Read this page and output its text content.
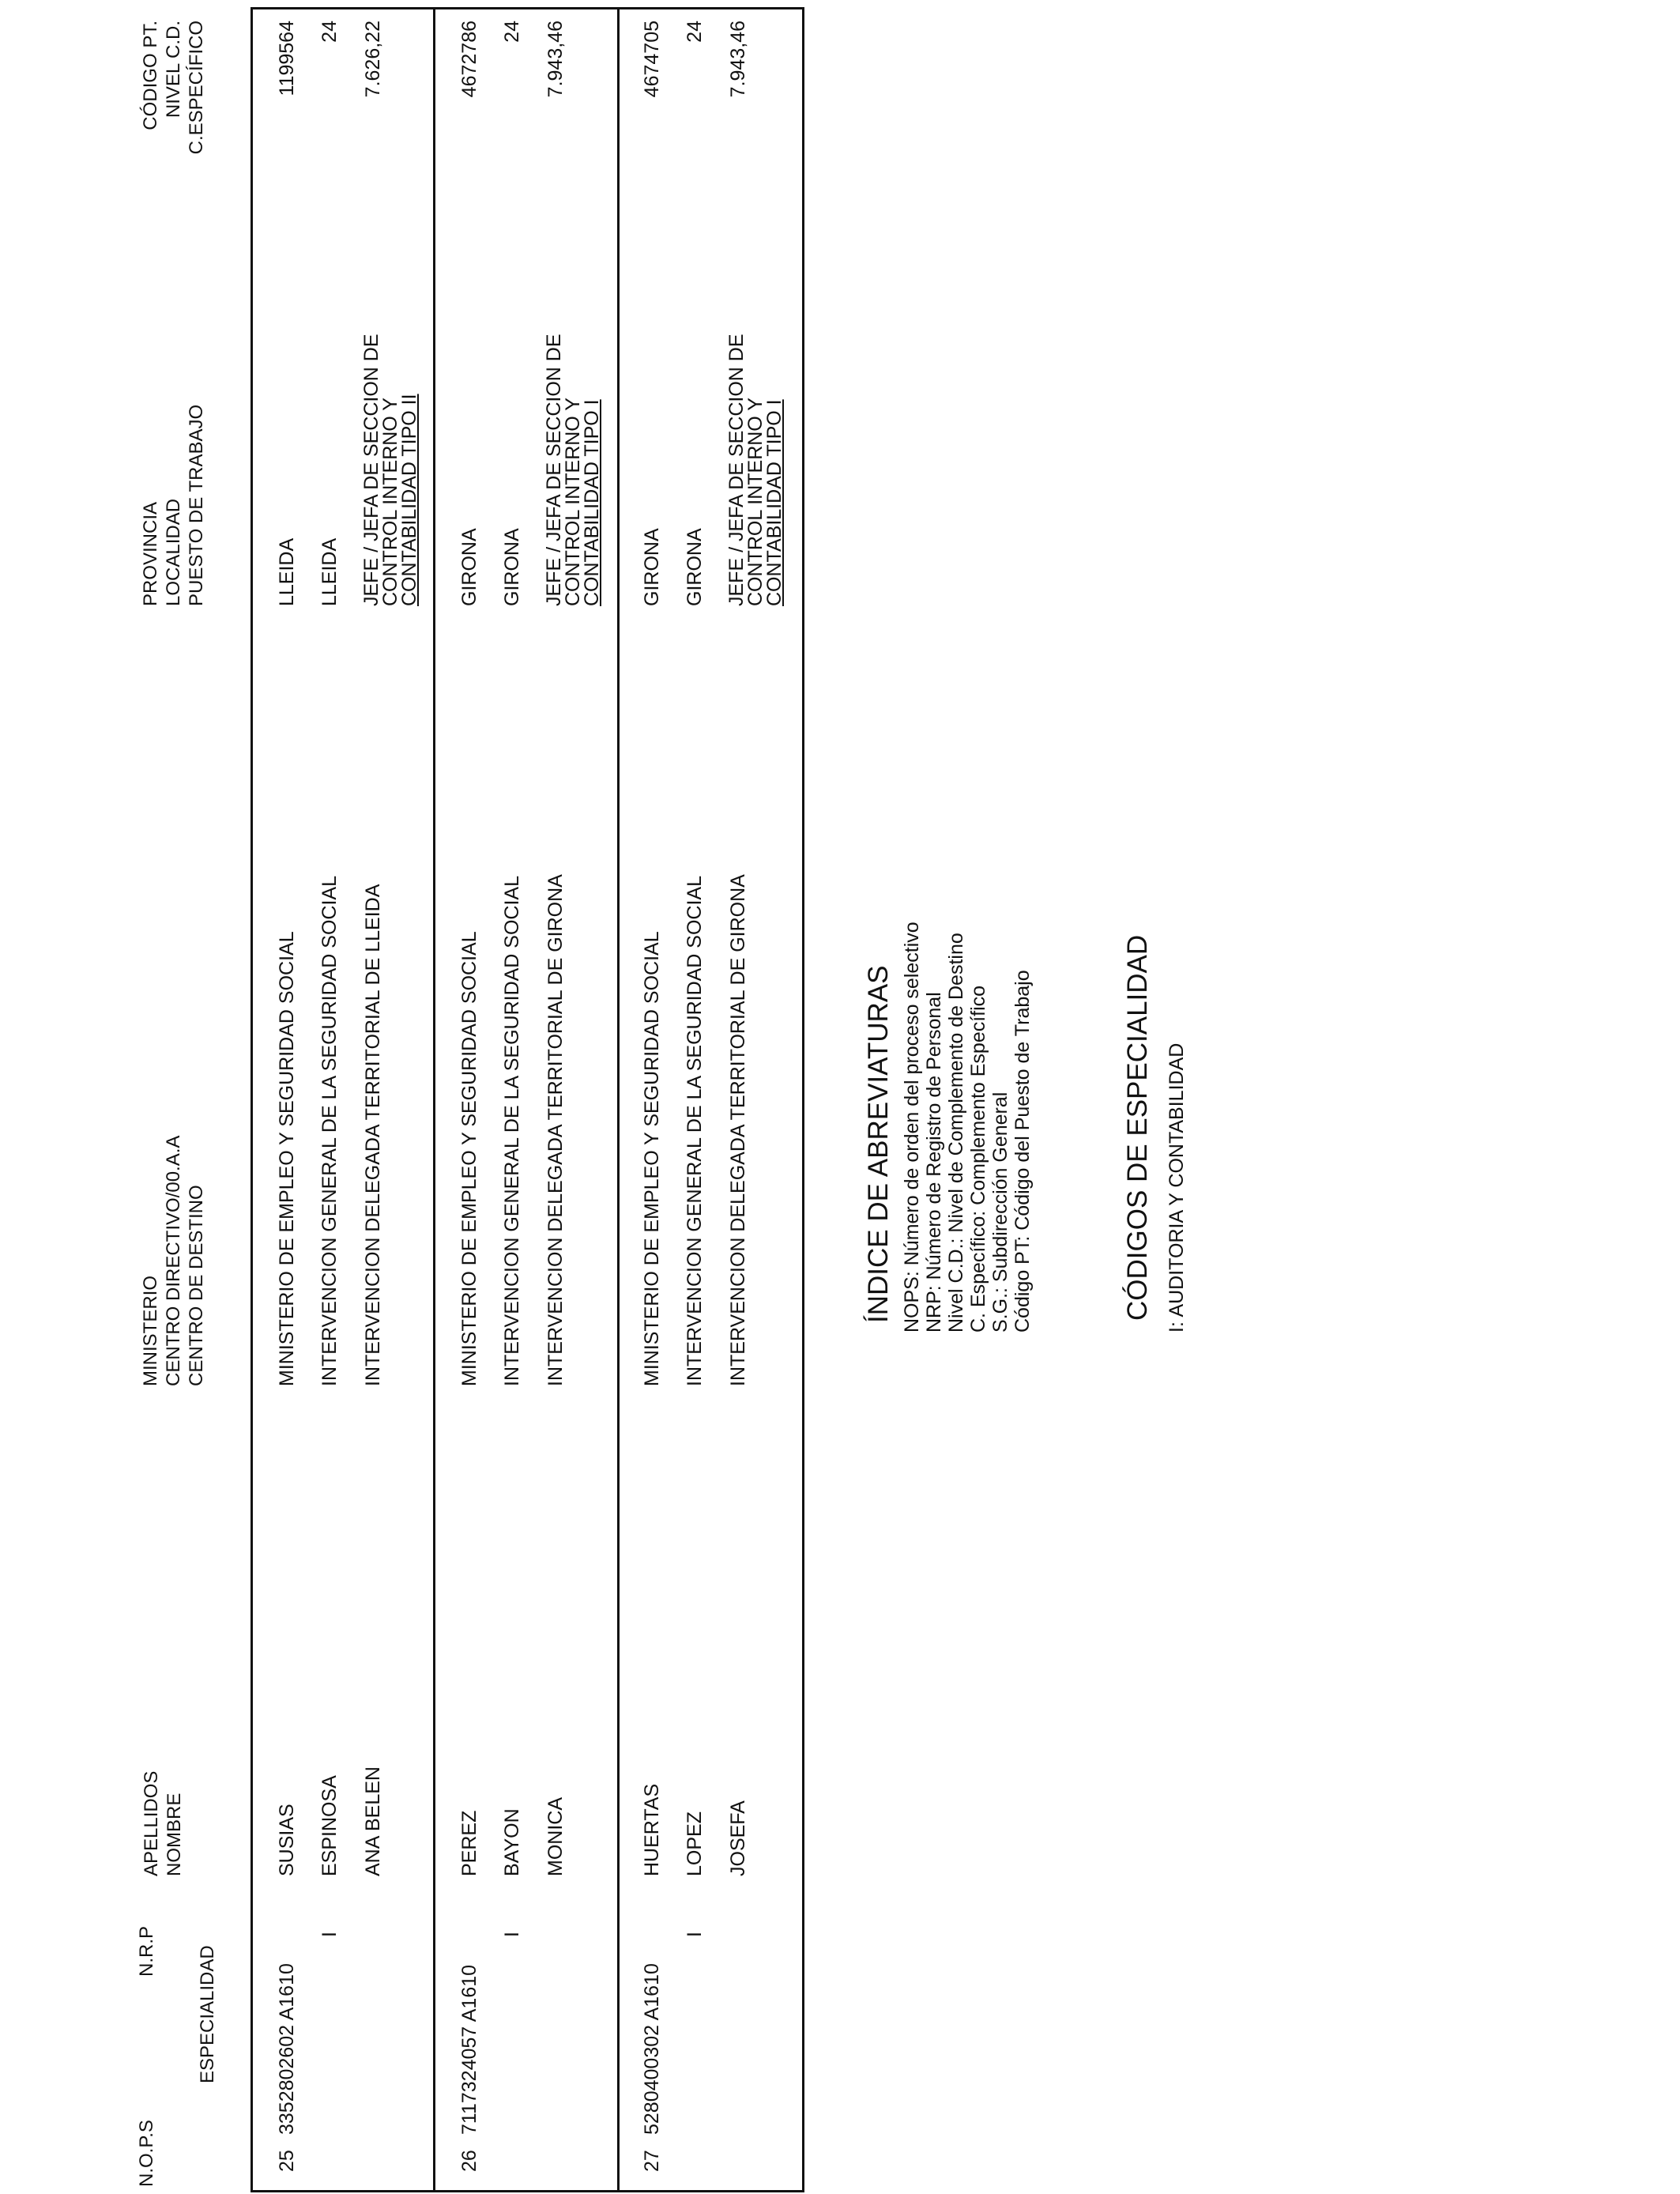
N.O.P.S
N.R.P ESPECIALIDAD
APELLIDOS NOMBRE
MINISTERIO CENTRO DIRECTIVO/00.A.A CENTRO DE DESTINO
PROVINCIA LOCALIDAD PUESTO DE TRABAJO
CÓDIGO PT. NIVEL C.D. C.ESPECÍFICO
25
3352802602 A1610
I
SUSIAS ESPINOSA ANA BELEN
MINISTERIO DE EMPLEO Y SEGURIDAD SOCIAL INTERVENCION GENERAL DE LA SEGURIDAD SOCIAL INTERVENCION DELEGADA TERRITORIAL DE LLEIDA
LLEIDA LLEIDA JEFE / JEFA DE SECCION DE
CONTROL INTERNO Y
CONTABILIDAD TIPO II
1199564 24 7.626,22
26
7117324057 A1610
I
PEREZ BAYON MONICA
MINISTERIO DE EMPLEO Y SEGURIDAD SOCIAL INTERVENCION GENERAL DE LA SEGURIDAD SOCIAL INTERVENCION DELEGADA TERRITORIAL DE GIRONA
GIRONA GIRONA JEFE / JEFA DE SECCION DE
CONTROL INTERNO Y
CONTABILIDAD TIPO I
4672786 24 7.943,46
27
5280400302 A1610
I
HUERTAS LOPEZ JOSEFA
MINISTERIO DE EMPLEO Y SEGURIDAD SOCIAL INTERVENCION GENERAL DE LA SEGURIDAD SOCIAL INTERVENCION DELEGADA TERRITORIAL DE GIRONA
GIRONA GIRONA JEFE / JEFA DE SECCION DE
CONTROL INTERNO Y
CONTABILIDAD TIPO I
4674705 24 7.943,46
ÍNDICE DE ABREVIATURAS NOPS: Número de orden del proceso selectivo NRP: Número de Registro de Personal Nivel C.D.: Nivel de Complemento de Destino C. Específico: Complemento Específico S.G.: Subdirección General Código PT: Código del Puesto de Trabajo	CÓDIGOS DE ESPECIALIDAD I: AUDITORIA Y CONTABILIDAD
